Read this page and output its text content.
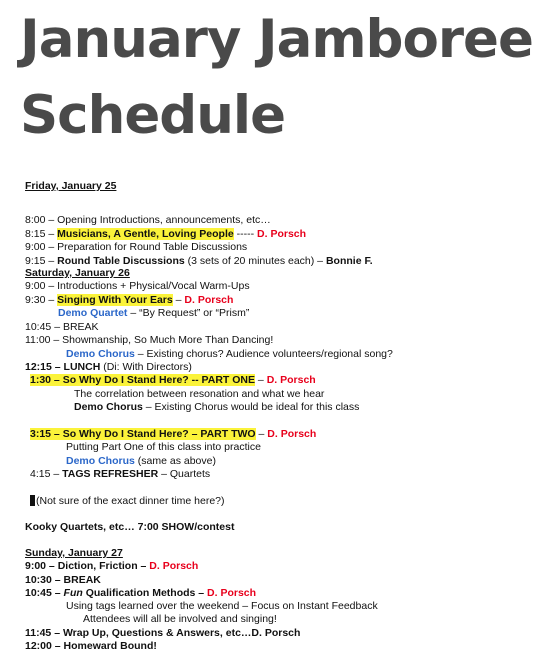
January Jamboree
Schedule
Friday, January 25
8:00 – Opening Introductions, announcements, etc…
8:15 – Musicians, A Gentle, Loving People ----- D. Porsch
9:00 – Preparation for Round Table Discussions
9:15 – Round Table Discussions (3 sets of 20 minutes each) – Bonnie F.
Saturday, January 26
9:00 – Introductions + Physical/Vocal Warm-Ups
9:30 – Singing With Your Ears – D. Porsch
Demo Quartet – “By Request” or “Prism”
10:45 – BREAK
11:00 – Showmanship, So Much More Than Dancing!
Demo Chorus – Existing chorus? Audience volunteers/regional song?
12:15 – LUNCH (Di: With Directors)
1:30 – So Why Do I Stand Here? -- PART ONE – D. Porsch
The correlation between resonation and what we hear
Demo Chorus – Existing Chorus would be ideal for this class
3:15 – So Why Do I Stand Here? – PART TWO – D. Porsch
Putting Part One of this class into practice
Demo Chorus (same as above)
4:15 – TAGS REFRESHER – Quartets
(Not sure of the exact dinner time here?)
Kooky Quartets, etc… 7:00 SHOW/contest
Sunday, January 27
9:00 – Diction, Friction – D. Porsch
10:30 – BREAK
10:45 – Fun Qualification Methods – D. Porsch
Using tags learned over the weekend – Focus on Instant Feedback
Attendees will all be involved and singing!
11:45 – Wrap Up, Questions & Answers, etc…D. Porsch
12:00 – Homeward Bound!
